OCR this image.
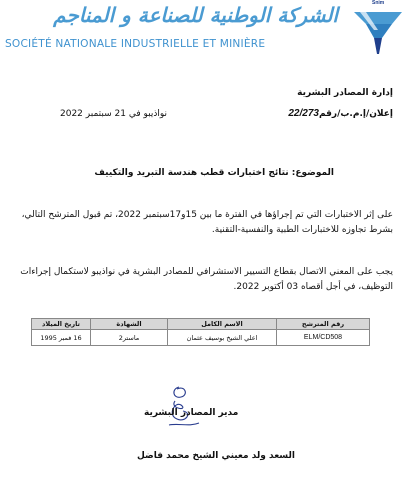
الشركة الوطنية للصناعة و المناجم
SOCIÉTÉ NATIONALE INDUSTRIELLE ET MINIÈRE
Snim
إدارة المصادر البشرية
إعلان/إ.م.ب/رقم22/273
نواذيبو في 21 سبتمبر 2022
الموضوع: نتائج اختبارات قطب هندسة التبريد والتكييف
على إثر الاختبارات التي تم إجراؤها في الفترة ما بين 15و17سبتمبر 2022، تم قبول المترشح التالي، بشرط تجاوزه للاختبارات الطبية والنفسية-التقنية.
يجب على المعني الاتصال بقطاع التسيير الاستشرافي للمصادر البشرية في نواذيبو لاستكمال إجراءات التوظيف، في أجل أقصاه 03 أكتوبر 2022.
رقم المترشح	الاسم الكامل	الشهادة	تاريخ الميلاد
ELM/CD508	اعلي الشيخ بوسيف عثمان	ماستر2	16 فمبر 1995
مدير المصادر البشرية
السعد ولد معيني الشيخ محمد فاضل
